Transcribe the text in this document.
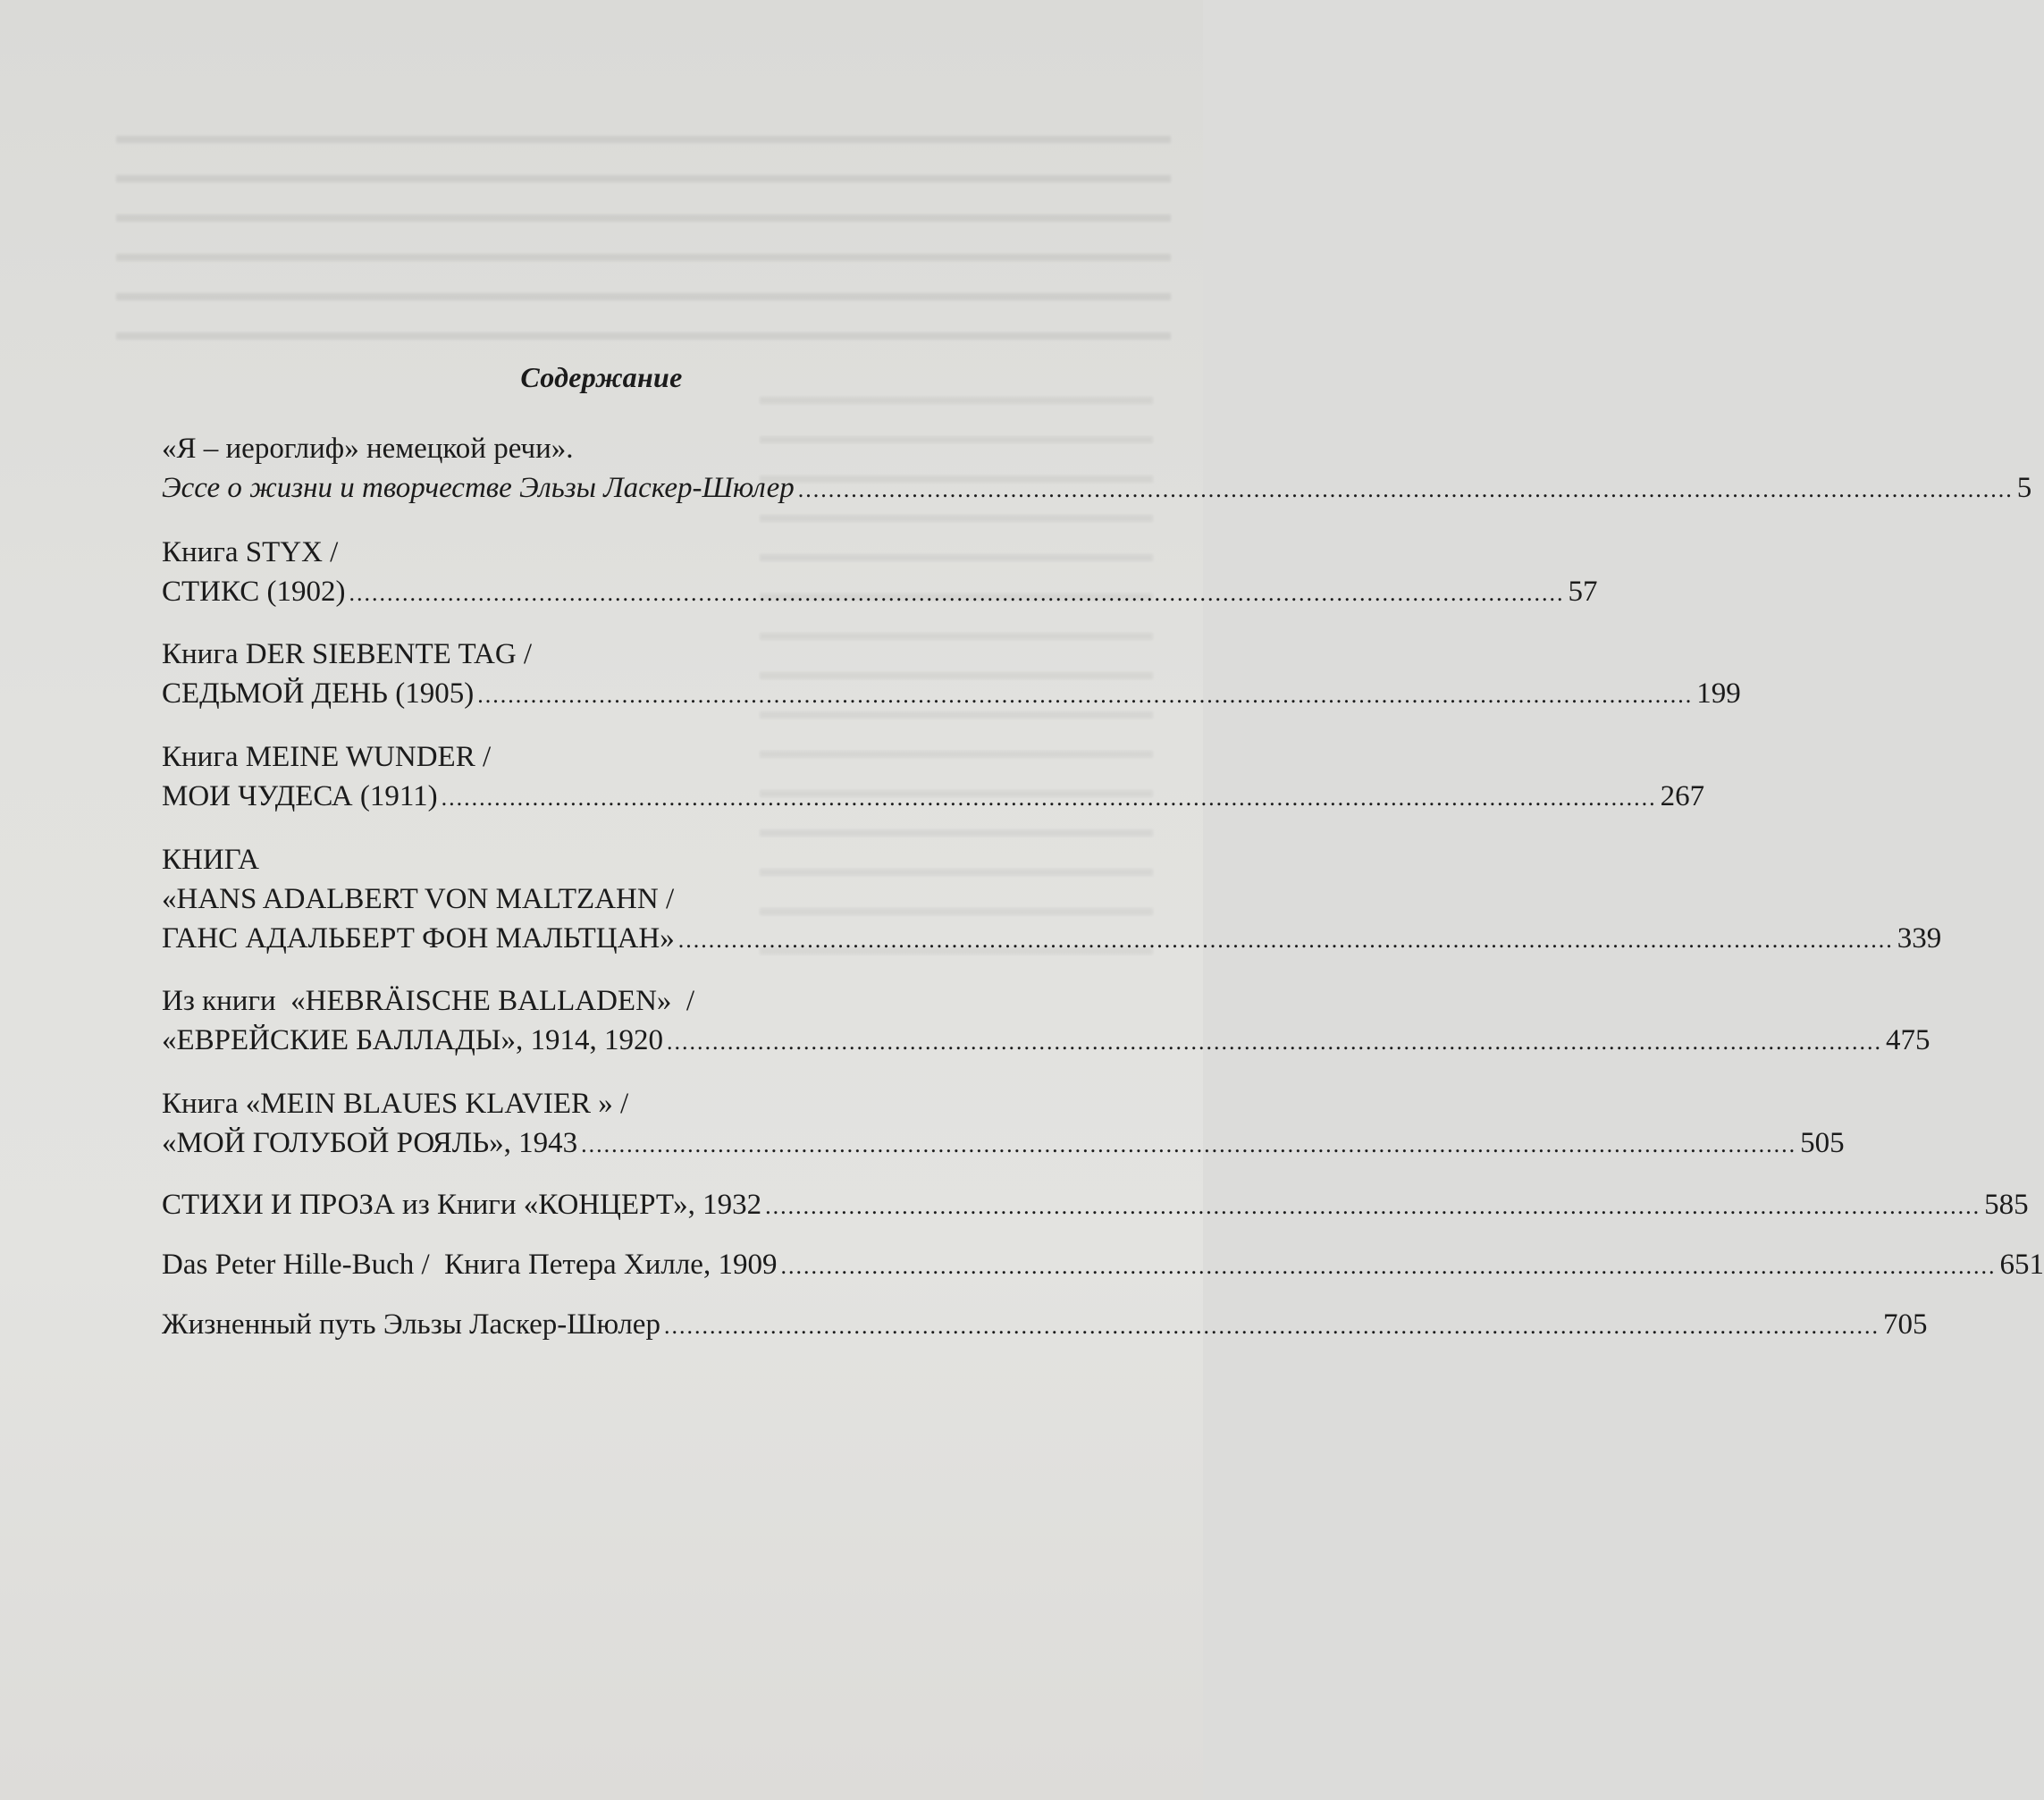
Содержание
«Я – иероглиф» немецкой речи».
Эссе о жизни и творчестве Эльзы Ласкер-Шюлер ................................................................................................................................................................ 5
Книга STYX /
СТИКС (1902) ................................................................................................................................................................ 57
Книга DER SIEBENTE TAG /
СЕДЬМОЙ ДЕНЬ (1905) ................................................................................................................................................................ 199
Книга MEINE WUNDER /
МОИ ЧУДЕСА (1911) ................................................................................................................................................................ 267
КНИГА
«HANS ADALBERT VON MALTZAHN /
ГАНС АДАЛЬБЕРТ ФОН МАЛЬТЦАН» ................................................................................................................................................................ 339
Из книги  «HEBRÄISCHE BALLADEN»  /
«ЕВРЕЙСКИЕ БАЛЛАДЫ», 1914, 1920 ................................................................................................................................................................ 475
Книга «MEIN BLAUES KLAVIER » /
«МОЙ ГОЛУБОЙ РОЯЛЬ», 1943 ................................................................................................................................................................ 505
СТИХИ И ПРОЗА из Книги «КОНЦЕРТ», 1932 ................................................................................................................................................................ 585
Das Peter Hille-Buch /  Книга Петера Хилле, 1909 ................................................................................................................................................................ 651
Жизненный путь Эльзы Ласкер-Шюлер ................................................................................................................................................................ 705
